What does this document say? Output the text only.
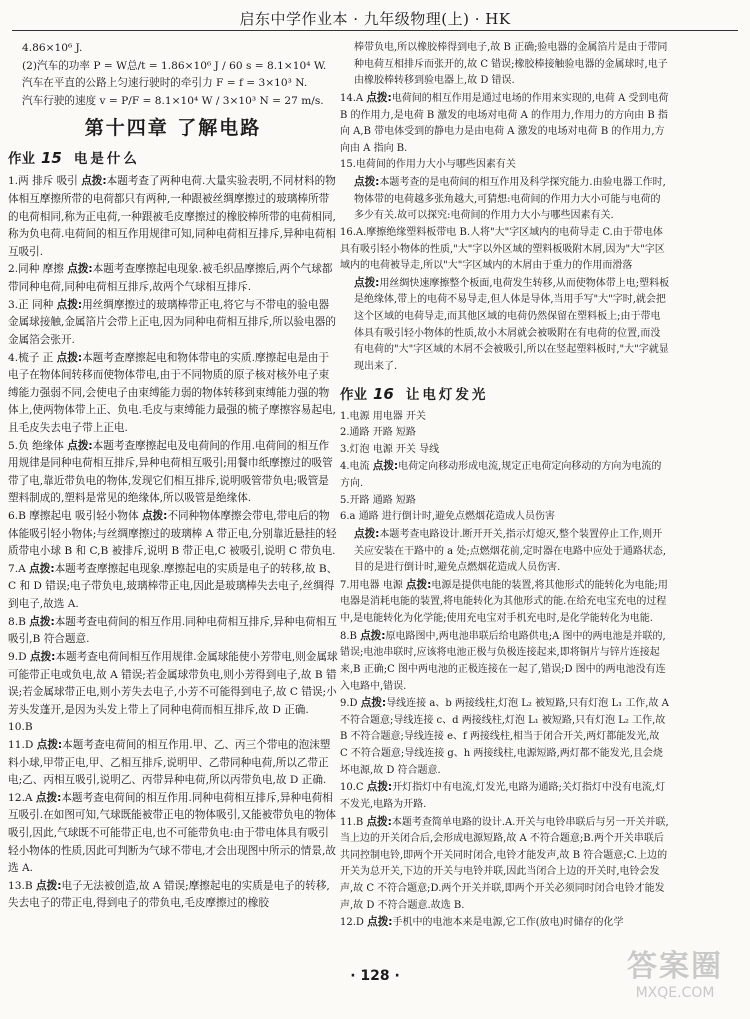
启东中学作业本 · 九年级物理(上) · HK
4.86×10⁶ J.
(2)汽车的功率 P = W总/t = 1.86×10⁶ J / 60 s = 8.1×10⁴ W.
汽车在平直的公路上匀速行驶时的牵引力 F = f = 3×10³ N.
汽车行驶的速度 v = P/F = 8.1×10⁴ W / 3×10³ N = 27 m/s.
第十四章 了解电路
作业 15 电是什么
1.两 排斥 吸引 点拨:本题考查了两种电荷.大量实验表明,不同材料的物体相互摩擦所带的电荷都只有两种,一种跟被丝绸摩擦过的玻璃棒所带的电荷相同,称为正电荷,一种跟被毛皮摩擦过的橡胶棒所带的电荷相同,称为负电荷.电荷间的相互作用规律可知,同种电荷相互排斥,异种电荷相互吸引.
2.同种 摩擦 点拨:本题考查摩擦起电现象.被毛织品摩擦后,两个气球都带同种电荷,同种电荷相互排斥,故两个气球相互排斥.
3.正 同种 点拨:用丝绸摩擦过的玻璃棒带正电,将它与不带电的验电器金属球接触,金属箔片会带上正电,因为同种电荷相互排斥,所以验电器的金属箔会张开.
4.梳子 正 点拨:本题考查摩擦起电和物体带电的实质.摩擦起电是由于电子在物体间转移而使物体带电,由于不同物质的原子核对核外电子束缚能力强弱不同,会使电子由束缚能力弱的物体转移到束缚能力强的物体上,使两物体带上正、负电.毛皮与束缚能力最强的梳子摩擦容易起电,且毛皮失去电子带上正电.
5.负 绝缘体 点拨:本题考查摩擦起电及电荷间的作用.电荷间的相互作用规律是同种电荷相互排斥,异种电荷相互吸引;用餐巾纸摩擦过的吸管带了电,靠近带负电的物体,发现它们相互排斥,说明吸管带负电;吸管是塑料制成的,塑料是常见的绝缘体,所以吸管是绝缘体.
6.B 摩擦起电 吸引轻小物体 点拨:不同种物体摩擦会带电,带电后的物体能吸引轻小物体;与丝绸摩擦过的玻璃棒 A 带正电,分别靠近悬挂的轻质带电小球 B 和 C,B 被排斥,说明 B 带正电,C 被吸引,说明 C 带负电.
7.A 点拨:本题考查摩擦起电现象.摩擦起电的实质是电子的转移,故 B、C 和 D 错误;电子带负电,玻璃棒带正电,因此是玻璃棒失去电子,丝绸得到电子,故选 A.
8.B 点拨:本题考查电荷间的相互作用.同种电荷相互排斥,异种电荷相互吸引,B 符合题意.
9.D 点拨:本题考查电荷间相互作用规律.金属球能使小芳带电,则金属球可能带正电或负电,故 A 错误;若金属球带负电,则小芳得到电子,故 B 错误;若金属球带正电,则小芳失去电子,小芳不可能得到电子,故 C 错误;小芳头发蓬开,是因为头发上带上了同种电荷而相互排斥,故 D 正确.
10.B
11.D 点拨:本题考查电荷间的相互作用.甲、乙、丙三个带电的泡沫塑料小球,甲带正电,甲、乙相互排斥,说明甲、乙带同种电荷,所以乙带正电;乙、丙相互吸引,说明乙、丙带异种电荷,所以丙带负电,故 D 正确.
12.A 点拨:本题考查电荷间的相互作用.同种电荷相互排斥,异种电荷相互吸引.在如图可知,气球既能被带正电的物体吸引,又能被带负电的物体吸引,因此,气球既不可能带正电,也不可能带负电:由于带电体具有吸引轻小物体的性质,因此可判断为气球不带电,才会出现图中所示的情景,故选 A.
13.B 点拨:电子无法被创造,故 A 错误;摩擦起电的实质是电子的转移,失去电子的带正电,得到电子的带负电,毛皮摩擦过的橡胶
棒带负电,所以橡胶棒得到电子,故 B 正确;验电器的金属箔片是由于带同种电荷互相排斥而张开的,故 C 错误;橡胶棒接触验电器的金属球时,电子由橡胶棒转移到验电器上,故 D 错误.
14.A 点拨:电荷间的相互作用是通过电场的作用来实现的,电荷 A 受到电荷 B 的作用力,是电荷 B 激发的电场对电荷 A 的作用力,作用力的方向由 B 指向 A,B 带电体受到的静电力是由电荷 A 激发的电场对电荷 B 的作用力,方向由 A 指向 B.
15.电荷间的作用力大小与哪些因素有关
点拨:本题考查的是电荷间的相互作用及科学探究能力.由验电器工作时,物体带的电荷越多张角越大,可猜想:电荷间的作用力大小可能与电荷的多少有关.故可以探究:电荷间的作用力大小与哪些因素有关.
16.A.摩擦绝缘塑料板带电 B.人将"大"字区域内的电荷导走 C.由于带电体具有吸引轻小物体的性质,"大"字以外区域的塑料板吸附木屑,因为"大"字区域内的电荷被导走,所以"大"字区域内的木屑由于重力的作用而滑落
点拨:用丝绸快速摩擦整个板面,电荷发生转移,从而使物体带上电;塑料板是绝缘体,带上的电荷不易导走,但人体是导体,当用手写"大"字时,就会把这个区域的电荷导走,而其他区域的电荷仍然保留在塑料板上;由于带电体具有吸引轻小物体的性质,故小木屑就会被吸附在有电荷的位置,而没有电荷的"大"字区域的木屑不会被吸引,所以在竖起塑料板时,"大"字就显现出来了.
作业 16 让电灯发光
1.电源 用电器 开关
2.通路 开路 短路
3.灯泡 电源 开关 导线
4.电流 点拨:电荷定向移动形成电流,规定正电荷定向移动的方向为电流的方向.
5.开路 通路 短路
6.a 通路 进行倒计时,避免点燃烟花造成人员伤害
点拨:本题考查电路设计.断开开关,指示灯熄灭,整个装置停止工作,则开关应安装在干路中的 a 处;点燃烟花前,定时器在电路中应处于通路状态,目的是进行倒计时,避免点燃烟花造成人员伤害.
7.用电器 电源 点拨:电源是提供电能的装置,将其他形式的能转化为电能;用电器是消耗电能的装置,将电能转化为其他形式的能.在给充电宝充电的过程中,是电能转化为化学能;使用充电宝对手机充电时,是化学能转化为电能.
8.B 点拨:原电路图中,两电池串联后给电路供电;A 图中的两电池是并联的,错误;电池串联时,应该将电池正极与负极连接起来,即将铜片与锌片连接起来,B 正确;C 图中两电池的正极连接在一起了,错误;D 图中的两电池没有连入电路中,错误.
9.D 点拨:导线连接 a、b 两接线柱,灯泡 L₂ 被短路,只有灯泡 L₁ 工作,故 A 不符合题意;导线连接 c、d 两接线柱,灯泡 L₁ 被短路,只有灯泡 L₂ 工作,故 B 不符合题意;导线连接 e、f 两接线柱,相当于闭合开关,两灯都能发光,故 C 不符合题意;导线连接 g、h 两接线柱,电源短路,两灯都不能发光,且会烧坏电源,故 D 符合题意.
10.C 点拨:开灯指灯中有电流,灯发光,电路为通路;关灯指灯中没有电流,灯不发光,电路为开路.
11.B 点拨:本题考查简单电路的设计.A.开关与电铃串联后与另一开关并联,当上边的开关闭合后,会形成电源短路,故 A 不符合题意;B.两个开关串联后共同控制电铃,即两个开关同时闭合,电铃才能发声,故 B 符合题意;C.上边的开关为总开关,下边的开关与电铃并联,因此当闭合上边的开关时,电铃会发声,故 C 不符合题意;D.两个开关并联,即两个开关必须同时闭合电铃才能发声,故 D 不符合题意.故选 B.
12.D 点拨:手机中的电池本来是电源,它工作(放电)时储存的化学
· 128 ·	答案圈
MXQE.COM
